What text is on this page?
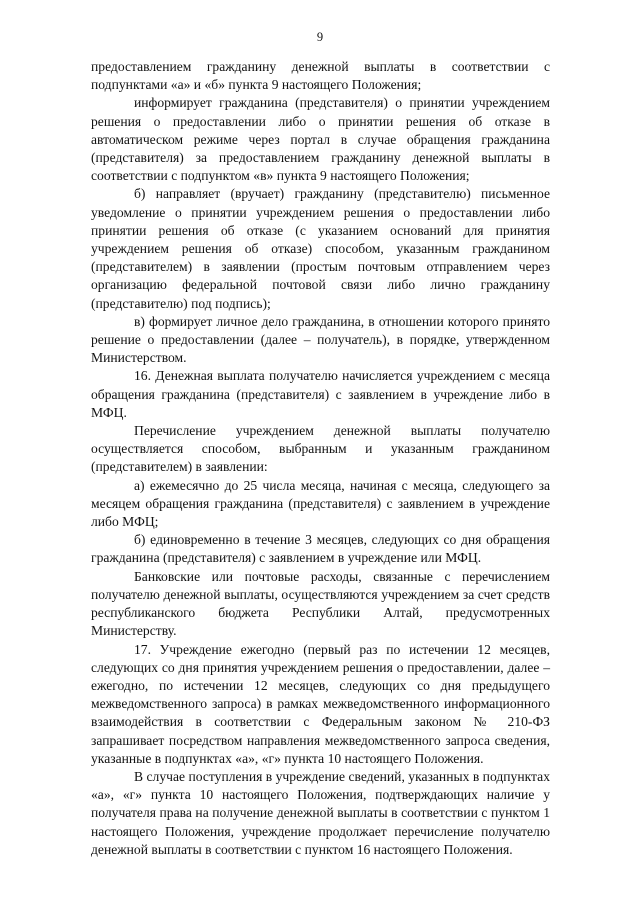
9

предоставлением гражданину денежной выплаты в соответствии с подпунктами «а» и «б» пункта 9 настоящего Положения;

информирует гражданина (представителя) о принятии учреждением решения о предоставлении либо о принятии решения об отказе в автоматическом режиме через портал в случае обращения гражданина (представителя) за предоставлением гражданину денежной выплаты в соответствии с подпунктом «в» пункта 9 настоящего Положения;

б) направляет (вручает) гражданину (представителю) письменное уведомление о принятии учреждением решения о предоставлении либо принятии решения об отказе (с указанием оснований для принятия учреждением решения об отказе) способом, указанным гражданином (представителем) в заявлении (простым почтовым отправлением через организацию федеральной почтовой связи либо лично гражданину (представителю) под подпись);

в) формирует личное дело гражданина, в отношении которого принято решение о предоставлении (далее – получатель), в порядке, утвержденном Министерством.

16. Денежная выплата получателю начисляется учреждением с месяца обращения гражданина (представителя) с заявлением в учреждение либо в МФЦ.

Перечисление учреждением денежной выплаты получателю осуществляется способом, выбранным и указанным гражданином (представителем) в заявлении:

а) ежемесячно до 25 числа месяца, начиная с месяца, следующего за месяцем обращения гражданина (представителя) с заявлением в учреждение либо МФЦ;

б) единовременно в течение 3 месяцев, следующих со дня обращения гражданина (представителя) с заявлением в учреждение или МФЦ.

Банковские или почтовые расходы, связанные с перечислением получателю денежной выплаты, осуществляются учреждением за счет средств республиканского бюджета Республики Алтай, предусмотренных Министерству.

17. Учреждение ежегодно (первый раз по истечении 12 месяцев, следующих со дня принятия учреждением решения о предоставлении, далее – ежегодно, по истечении 12 месяцев, следующих со дня предыдущего межведомственного запроса) в рамках межведомственного информационного взаимодействия в соответствии с Федеральным законом № 210-ФЗ запрашивает посредством направления межведомственного запроса сведения, указанные в подпунктах «а», «г» пункта 10 настоящего Положения.

В случае поступления в учреждение сведений, указанных в подпунктах «а», «г» пункта 10 настоящего Положения, подтверждающих наличие у получателя права на получение денежной выплаты в соответствии с пунктом 1 настоящего Положения, учреждение продолжает перечисление получателю денежной выплаты в соответствии с пунктом 16 настоящего Положения.
